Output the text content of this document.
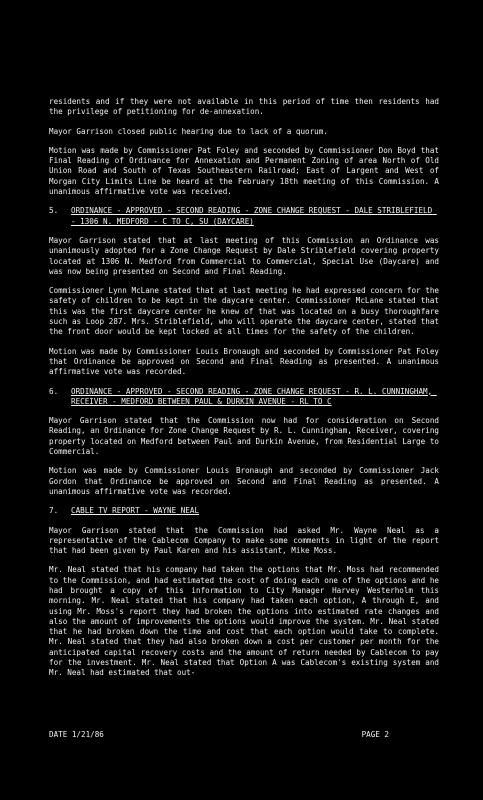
residents and if they were not available in this period of time then residents had the privilege of petitioning for de-annexation.

Mayor Garrison closed public hearing due to lack of a quorum.

Motion was made by Commissioner Pat Foley and seconded by Commissioner Don Boyd that Final Reading of Ordinance for Annexation and Permanent Zoning of area North of Old Union Road and South of Texas Southeastern Railroad; East of Largent and West of Morgan City Limits Line be heard at the February 18th meeting of this Commission. A unanimous affirmative vote was received.

5.	ORDINANCE - APPROVED - SECOND READING - ZONE CHANGE REQUEST - DALE STRIBLEFIELD - 1306 N. MEDFORD - C TO C, SU (DAYCARE)

Mayor Garrison stated that at last meeting of this Commission an Ordinance was unanimously adopted for a Zone Change Request by Dale Striblefield covering property located at 1306 N. Medford from Commercial to Commercial, Special Use (Daycare) and was now being presented on Second and Final Reading.

Commissioner Lynn McLane stated that at last meeting he had expressed concern for the safety of children to be kept in the daycare center. Commissioner McLane stated that this was the first daycare center he knew of that was located on a busy thoroughfare such as Loop 287. Mrs. Striblefield, who will operate the daycare center, stated that the front door would be kept locked at all times for the safety of the children.

Motion was made by Commissioner Louis Bronaugh and seconded by Commissioner Pat Foley that Ordinance be approved on Second and Final Reading as presented. A unanimous affirmative vote was recorded.

6.	ORDINANCE - APPROVED - SECOND READING - ZONE CHANGE REQUEST - R. L. CUNNINGHAM, RECEIVER - MEDFORD BETWEEN PAUL & DURKIN AVENUE - RL TO C

Mayor Garrison stated that the Commission now had for consideration on Second Reading, an Ordinance for Zone Change Request by R. L. Cunningham, Receiver, covering property located on Medford between Paul and Durkin Avenue, from Residential Large to Commercial.

Motion was made by Commissioner Louis Bronaugh and seconded by Commissioner Jack Gordon that Ordinance be approved on Second and Final Reading as presented. A unanimous affirmative vote was recorded.

7.	CABLE TV REPORT - WAYNE NEAL

Mayor Garrison stated that the Commission had asked Mr. Wayne Neal as a representative of the Cablecom Company to make some comments in light of the report that had been given by Paul Karen and his assistant, Mike Moss.

Mr. Neal stated that his company had taken the options that Mr. Moss had recommended to the Commission, and had estimated the cost of doing each one of the options and he had brought a copy of this information to City Manager Harvey Westerholm this morning. Mr. Neal stated that his company had taken each option, A through E, and using Mr. Moss's report they had broken the options into estimated rate changes and also the amount of improvements the options would improve the system. Mr. Neal stated that he had broken down the time and cost that each option would take to complete. Mr. Neal stated that they had also broken down a cost per customer per month for the anticipated capital recovery costs and the amount of return needed by Cablecom to pay for the investment. Mr. Neal stated that Option A was Cablecom's existing system and Mr. Neal had estimated that out-

DATE 1/21/86	PAGE 2
